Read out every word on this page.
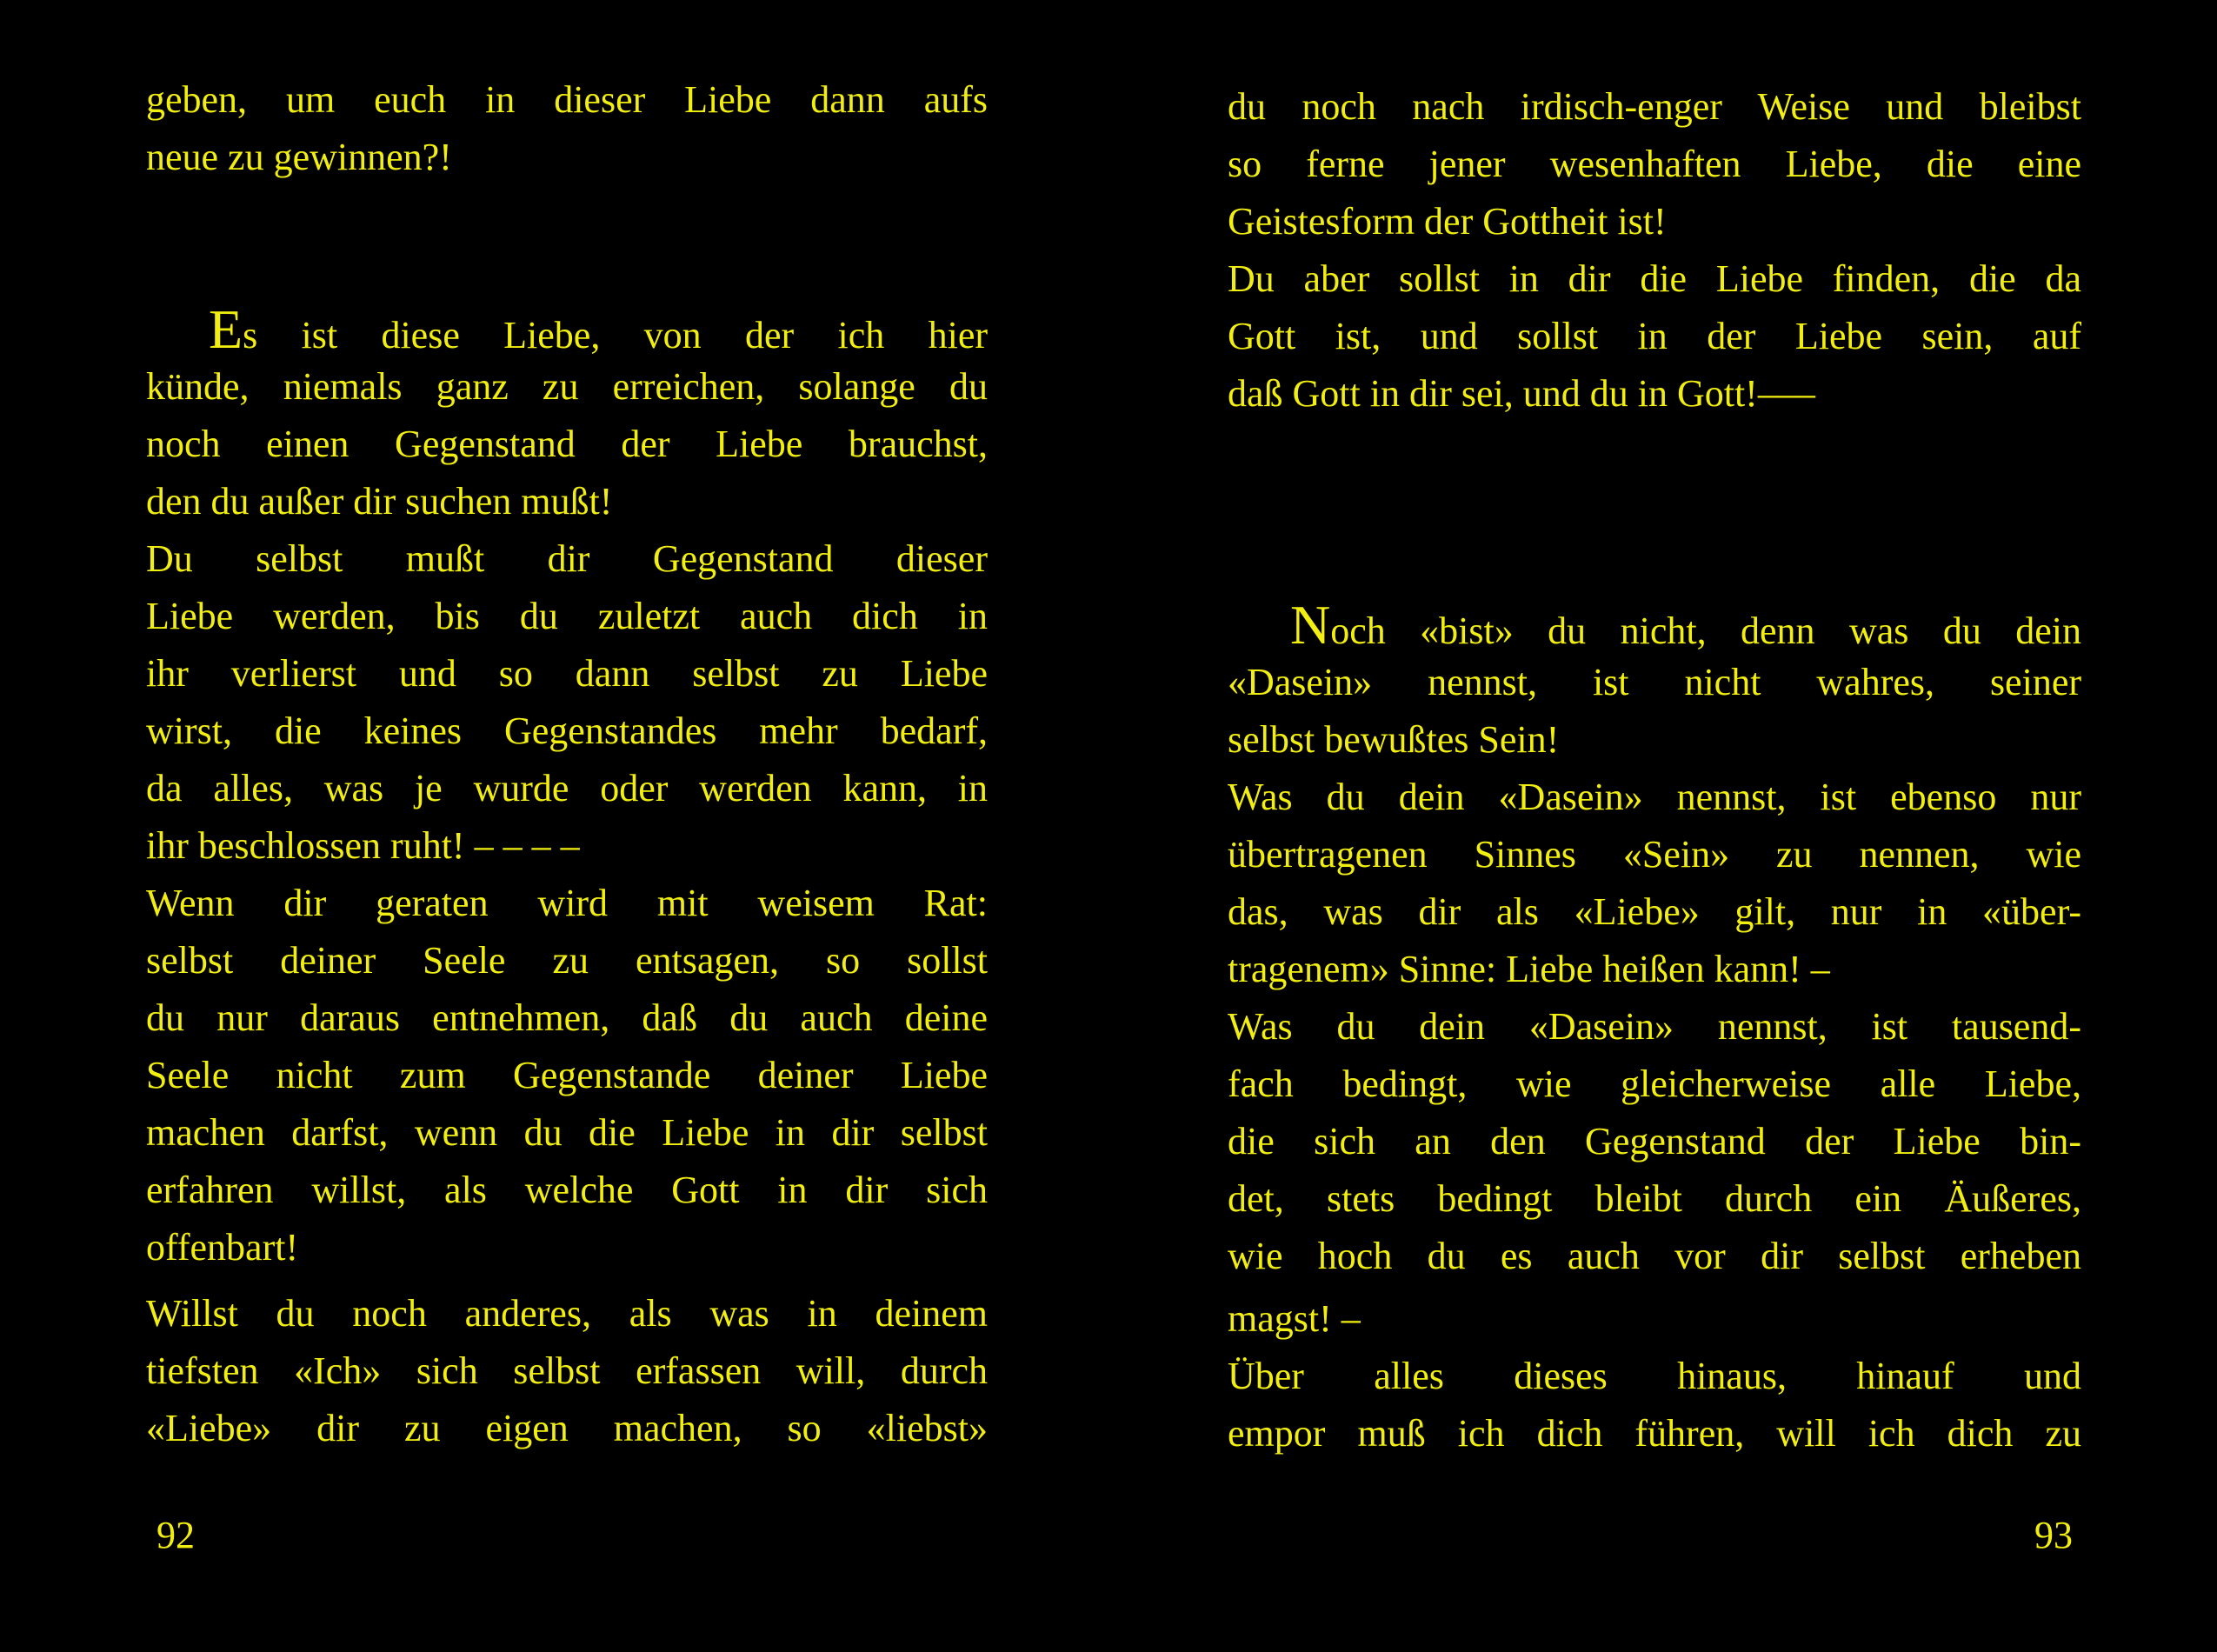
geben, um euch in dieser Liebe dann aufs
neue zu gewinnen?!
Es ist diese Liebe, von der ich hier
künde, niemals ganz zu erreichen, solange du
noch einen Gegenstand der Liebe brauchst,
den du außer dir suchen mußt!
Du selbst mußt dir Gegenstand dieser
Liebe werden, bis du zuletzt auch dich in
ihr verlierst und so dann selbst zu Liebe
wirst, die keines Gegenstandes mehr bedarf,
da alles, was je wurde oder werden kann, in
ihr beschlossen ruht! – – – –
Wenn dir geraten wird mit weisem Rat:
selbst deiner Seele zu entsagen, so sollst
du nur daraus entnehmen, daß du auch deine
Seele nicht zum Gegenstande deiner Liebe
machen darfst, wenn du die Liebe in dir selbst
erfahren willst, als welche Gott in dir sich
offenbart!
Willst du noch anderes, als was in deinem
tiefsten «Ich» sich selbst erfassen will, durch
«Liebe» dir zu eigen machen, so «liebst»
92
du noch nach irdisch-enger Weise und bleibst
so ferne jener wesenhaften Liebe, die eine
Geistesform der Gottheit ist!
Du aber sollst in dir die Liebe finden, die da
Gott ist, und sollst in der Liebe sein, auf
daß Gott in dir sei, und du in Gott!–––
Noch «bist» du nicht, denn was du dein
«Dasein» nennst, ist nicht wahres, seiner
selbst bewußtes Sein!
Was du dein «Dasein» nennst, ist ebenso nur
übertragenen Sinnes «Sein» zu nennen, wie
das, was dir als «Liebe» gilt, nur in «über-
tragenem» Sinne: Liebe heißen kann! –
Was du dein «Dasein» nennst, ist tausend-
fach bedingt, wie gleicherweise alle Liebe,
die sich an den Gegenstand der Liebe bin-
det, stets bedingt bleibt durch ein Äußeres,
wie hoch du es auch vor dir selbst erheben
magst! –
Über alles dieses hinaus, hinauf und
empor muß ich dich führen, will ich dich zu
93
